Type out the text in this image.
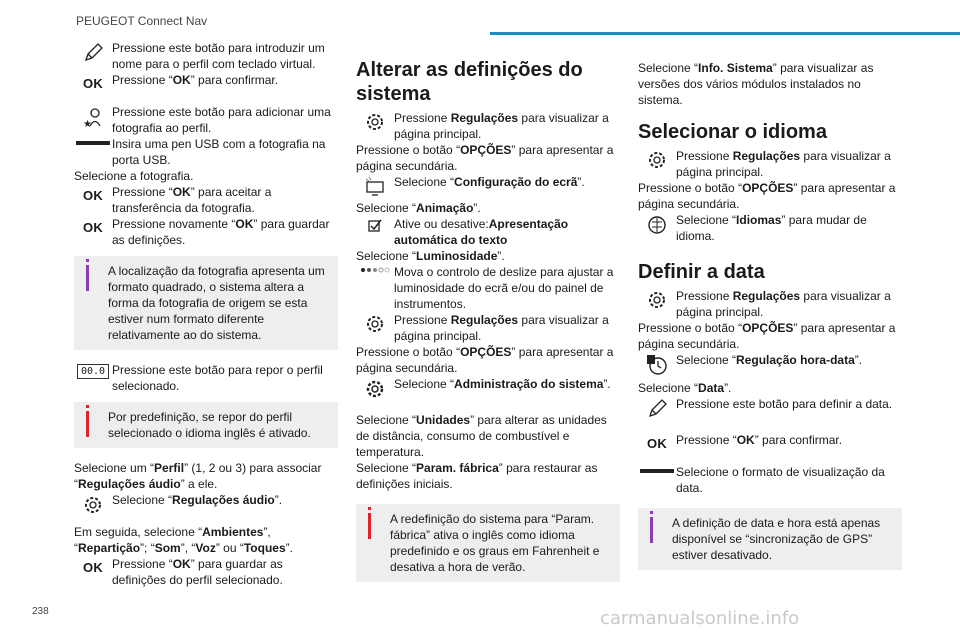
PEUGEOT Connect Nav
Pressione este botão para introduzir um nome para o perfil com teclado virtual.
OK Pressione “OK” para confirmar.
★
Pressione este botão para adicionar uma fotografia ao perfil.
Insira uma pen USB com a fotografia na porta USB.
Selecione a fotografia.
OK Pressione “OK” para aceitar a transferência da fotografia.
OK Pressione novamente “OK” para guardar as definições.
A localização da fotografia apresenta um formato quadrado, o sistema altera a forma da fotografia de origem se esta estiver num formato diferente relativamente ao do sistema.
00.0 Pressione este botão para repor o perfil selecionado.
Por predefinição, se repor do perfil selecionado o idioma inglês é ativado.
Selecione um “Perfil” (1, 2 ou 3) para associar “Regulações áudio” a ele.
Selecione “Regulações áudio”.
Em seguida, selecione “Ambientes”, “Repartição”; “Som”, “Voz” ou “Toques”.
OK Pressione “OK” para guardar as definições do perfil selecionado.
Alterar as definições do sistema
Pressione Regulações para visualizar a página principal.
Pressione o botão “OPÇÕES” para apresentar a página secundária.
Selecione “Configuração do ecrã”.
Selecione “Animação”.
Ative ou desative:Apresentação automática do texto
Selecione “Luminosidade”.
Mova o controlo de deslize para ajustar a luminosidade do ecrã e/ou do painel de instrumentos.
Pressione Regulações para visualizar a página principal.
Pressione o botão “OPÇÕES” para apresentar a página secundária.
Selecione “Administração do sistema”.
Selecione “Unidades” para alterar as unidades de distância, consumo de combustível e temperatura.
Selecione “Param. fábrica” para restaurar as definições iniciais.
A redefinição do sistema para “Param. fábrica” ativa o inglês como idioma predefinido e os graus em Fahrenheit e desativa a hora de verão.
Selecione “Info. Sistema” para visualizar as versões dos vários módulos instalados no sistema.
Selecionar o idioma
Pressione Regulações para visualizar a página principal.
Pressione o botão “OPÇÕES” para apresentar a página secundária.
Selecione “Idiomas” para mudar de idioma.
Definir a data
Pressione Regulações para visualizar a página principal.
Pressione o botão “OPÇÕES” para apresentar a página secundária.
Selecione “Regulação hora-data”.
Selecione “Data”.
Pressione este botão para definir a data.
OK Pressione “OK” para confirmar.
Selecione o formato de visualização da data.
A definição de data e hora está apenas disponível se “sincronização de GPS” estiver desativado.
238	carmanualsonline.info
